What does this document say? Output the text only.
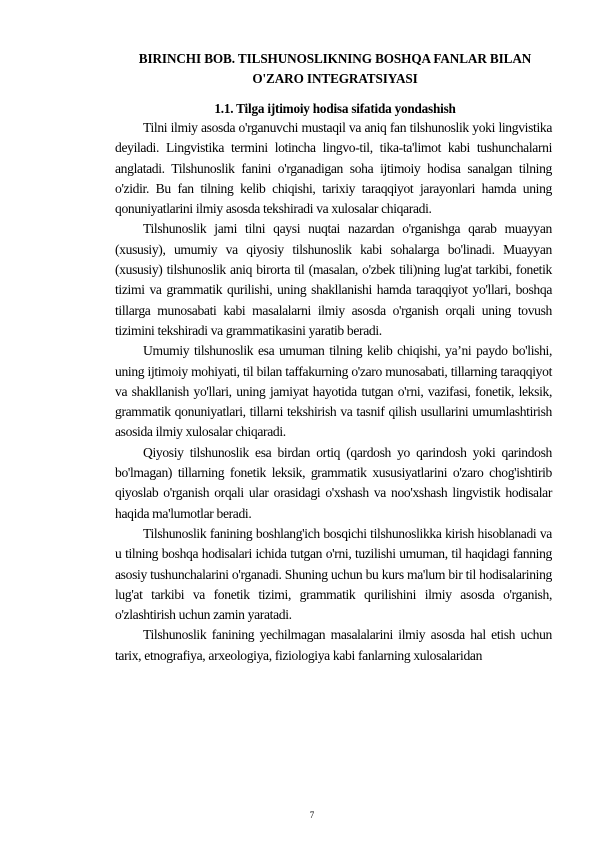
BIRINCHI BOB. TILSHUNOSLIKNING BOSHQA FANLAR BILAN O'ZARO INTEGRATSIYASI
1.1. Tilga ijtimoiy hodisa sifatida yondashish

Tilni ilmiy asosda o'rganuvchi mustaqil va aniq fan tilshunoslik yoki lingvistika deyiladi. Lingvistika termini lotincha lingvo-til, tika-ta'limot kabi tushunchalarni anglatadi. Tilshunoslik fanini o'rganadigan soha ijtimoiy hodisa sanalgan tilning o'zidir. Bu fan tilning kelib chiqishi, tarixiy taraqqiyot jarayonlari hamda uning qonuniyatlarini ilmiy asosda tekshiradi va xulosalar chiqaradi.

Tilshunoslik jami tilni qaysi nuqtai nazardan o'rganishga qarab muayyan (xususiy), umumiy va qiyosiy tilshunoslik kabi sohalarga bo'linadi. Muayyan (xususiy) tilshunoslik aniq birorta til (masalan, o'zbek tili)ning lug'at tarkibi, fonetik tizimi va grammatik qurilishi, uning shakllanishi hamda taraqqiyot yo'llari, boshqa tillarga munosabati kabi masalalarni ilmiy asosda o'rganish orqali uning tovush tizimini tekshiradi va grammatikasini yaratib beradi.

Umumiy tilshunoslik esa umuman tilning kelib chiqishi, ya’ni paydo bo'lishi, uning ijtimoiy mohiyati, til bilan taffakurning o'zaro munosabati, tillarning taraqqiyot va shakllanish yo'llari, uning jamiyat hayotida tutgan o'rni, vazifasi, fonetik, leksik, grammatik qonuniyatlari, tillarni tekshirish va tasnif qilish usullarini umumlashtirish asosida ilmiy xulosalar chiqaradi.

Qiyosiy tilshunoslik esa birdan ortiq (qardosh yo qarindosh yoki qarindosh bo'lmagan) tillarning fonetik leksik, grammatik xususiyatlarini o'zaro chog'ishtirib qiyoslab o'rganish orqali ular orasidagi o'xshash va noo'xshash lingvistik hodisalar haqida ma'lumotlar beradi.

Tilshunoslik fanining boshlang'ich bosqichi tilshunoslikka kirish hisoblanadi va u tilning boshqa hodisalari ichida tutgan o'rni, tuzilishi umuman, til haqidagi fanning asosiy tushunchalarini o'rganadi. Shuning uchun bu kurs ma'lum bir til hodisalarining lug'at tarkibi va fonetik tizimi, grammatik qurilishini ilmiy asosda o'rganish, o'zlashtirish uchun zamin yaratadi.

Tilshunoslik fanining yechilmagan masalalarini ilmiy asosda hal etish uchun tarix, etnografiya, arxeologiya, fiziologiya kabi fanlarning xulosalaridan

7
